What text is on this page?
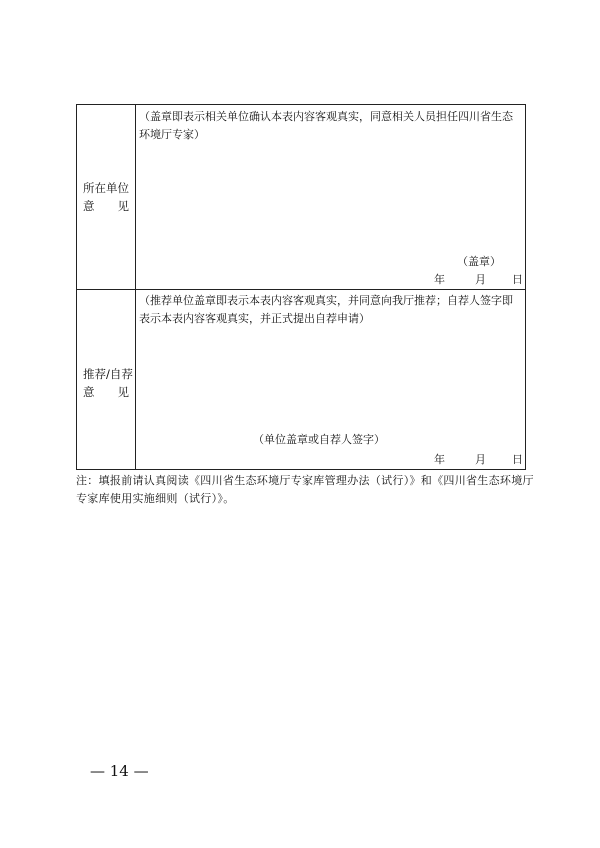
所在单位
意 见
（盖章即表示相关单位确认本表内容客观真实，同意相关人员担任四川省生态环境厅专家）
（盖章）
年	月 日
推荐/自荐
意 见
（推荐单位盖章即表示本表内容客观真实，并同意向我厅推荐；自荐人签字即表示本表内容客观真实，并正式提出自荐申请）
（单位盖章或自荐人签字）
年	月 日
注：填报前请认真阅读《四川省生态环境厅专家库管理办法（试行）》和《四川省生态环境厅专家库使用实施细则（试行）》。
— 14 —
